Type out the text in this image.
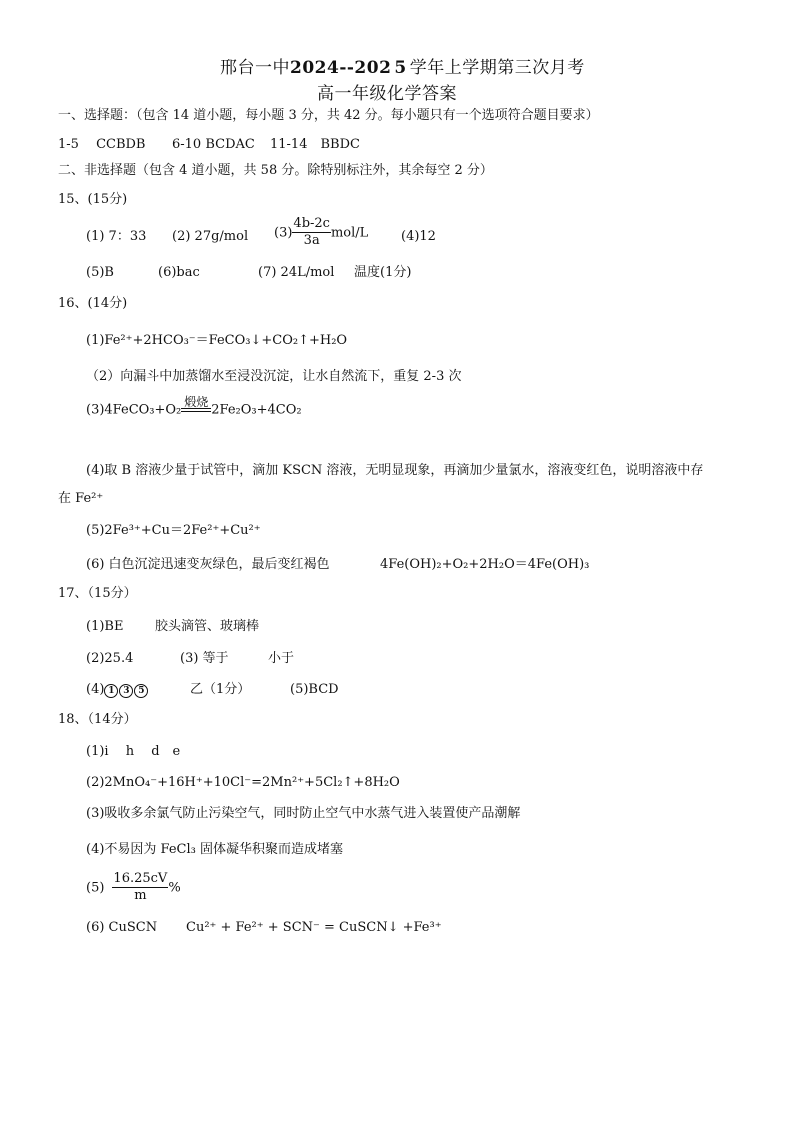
邢台一中2024--202 5 学年上学期第三次月考
高一年级化学答案
一、选择题：（包含 14 道小题，每小题 3 分，共 42 分。每小题只有一个选项符合题目要求）
1-5　 CCBDB 6-10 BCDAC 11-14　BBDC
二、非选择题（包含 4 道小题，共 58 分。除特别标注外，其余每空 2 分）
15、(15分)
(1) 7：33 (2) 27g/mol $(3) \frac{4b-2c}{3a} mol/L$	(4)12
(5)B	(6)bac	(7) 24L/mol 温度(1分)
16、(14分)
(1)Fe²⁺+2HCO₃⁻＝FeCO₃↓+CO₂↑+H₂O
（2）向漏斗中加蒸馏水至浸没沉淀，让水自然流下，重复 2-3 次
(3)4FeCO₃+O₂
煅烧
2Fe₂O₃+4CO₂
(4)取 B 溶液少量于试管中，滴加 KSCN 溶液，无明显现象，再滴加少量氯水，溶液变红色，说明溶液中存
在 Fe²⁺
(5)2Fe³⁺+Cu＝2Fe²⁺+Cu²⁺
(6) 白色沉淀迅速变灰绿色，最后变红褐色	4Fe(OH)₂+O₂+2H₂O＝4Fe(OH)₃
17、（15分）
(1)BE 胶头滴管、玻璃棒
(2)25.4	(3) 等于	小于
(4) 1 3 5	乙（1分）	(5)BCD
18、（14分）
(1)i　 h　 d　e
(2)2MnO₄⁻+16H⁺+10Cl⁻=2Mn²⁺+5Cl₂↑+8H₂O
(3)吸收多余氯气防止污染空气，同时防止空气中水蒸气进入装置使产品潮解
(4)不易因为 FeCl₃ 固体凝华积聚而造成堵塞
$(5) \frac{16.25cV}{m}$ %
(6) CuSCN Cu²⁺ + Fe²⁺ + SCN⁻ = CuSCN↓ +Fe³⁺
